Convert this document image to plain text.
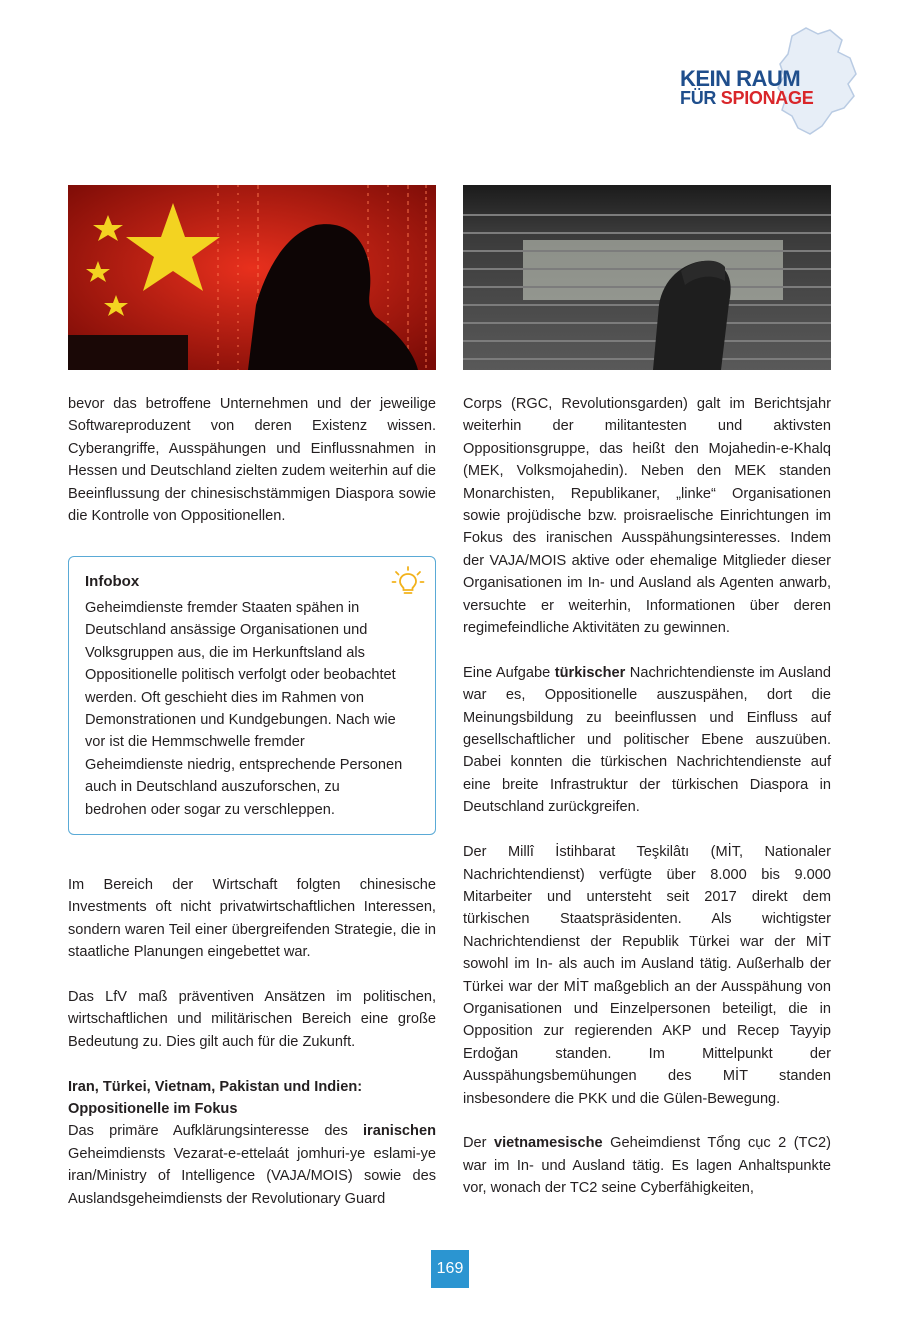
KEIN RAUM
FÜR SPIONAGE

bevor das betroffene Unternehmen und der jeweilige Softwareproduzent von deren Existenz wissen. Cyberangriffe, Ausspähungen und Einflussnahmen in Hessen und Deutschland zielten zudem weiterhin auf die Beeinflussung der chinesischstämmigen Diaspora sowie die Kontrolle von Oppositionellen.

Infobox
Geheimdienste fremder Staaten spähen in Deutschland ansässige Organisationen und Volksgruppen aus, die im Herkunftsland als Oppositionelle politisch verfolgt oder beobachtet werden. Oft geschieht dies im Rahmen von Demonstrationen und Kundgebungen. Nach wie vor ist die Hemmschwelle fremder Geheimdienste niedrig, entsprechende Personen auch in Deutschland auszuforschen, zu bedrohen oder sogar zu verschleppen.

Im Bereich der Wirtschaft folgten chinesische Investments oft nicht privatwirtschaftlichen Interessen, sondern waren Teil einer übergreifenden Strategie, die in staatliche Planungen eingebettet war.

Das LfV maß präventiven Ansätzen im politischen, wirtschaftlichen und militärischen Bereich eine große Bedeutung zu. Dies gilt auch für die Zukunft.

Iran, Türkei, Vietnam, Pakistan und Indien: Oppositionelle im Fokus

Das primäre Aufklärungsinteresse des iranischen Geheimdiensts Vezarat-e-ettelaát jomhuri-ye eslami-ye iran/Ministry of Intelligence (VAJA/MOIS) sowie des Auslandsgeheimdiensts der Revolutionary Guard

Corps (RGC, Revolutionsgarden) galt im Berichtsjahr weiterhin der militantesten und aktivsten Oppositionsgruppe, das heißt den Mojahedin-e-Khalq (MEK, Volksmojahedin). Neben den MEK standen Monarchisten, Republikaner, „linke“ Organisationen sowie projüdische bzw. proisraelische Einrichtungen im Fokus des iranischen Ausspähungsinteresses. Indem der VAJA/MOIS aktive oder ehemalige Mitglieder dieser Organisationen im In- und Ausland als Agenten anwarb, versuchte er weiterhin, Informationen über deren regimefeindliche Aktivitäten zu gewinnen.

Eine Aufgabe türkischer Nachrichtendienste im Ausland war es, Oppositionelle auszuspähen, dort die Meinungsbildung zu beeinflussen und Einfluss auf gesellschaftlicher und politischer Ebene auszuüben. Dabei konnten die türkischen Nachrichtendienste auf eine breite Infrastruktur der türkischen Diaspora in Deutschland zurückgreifen.

Der Millî İstihbarat Teşkilâtı (MİT, Nationaler Nachrichtendienst) verfügte über 8.000 bis 9.000 Mitarbeiter und untersteht seit 2017 direkt dem türkischen Staatspräsidenten. Als wichtigster Nachrichtendienst der Republik Türkei war der MİT sowohl im In- als auch im Ausland tätig. Außerhalb der Türkei war der MİT maßgeblich an der Ausspähung von Organisationen und Einzelpersonen beteiligt, die in Opposition zur regierenden AKP und Recep Tayyip Erdoğan standen. Im Mittelpunkt der Ausspähungsbemühungen des MİT standen insbesondere die PKK und die Gülen-Bewegung.

Der vietnamesische Geheimdienst Tổng cục 2 (TC2) war im In- und Ausland tätig. Es lagen Anhaltspunkte vor, wonach der TC2 seine Cyberfähigkeiten,

169
